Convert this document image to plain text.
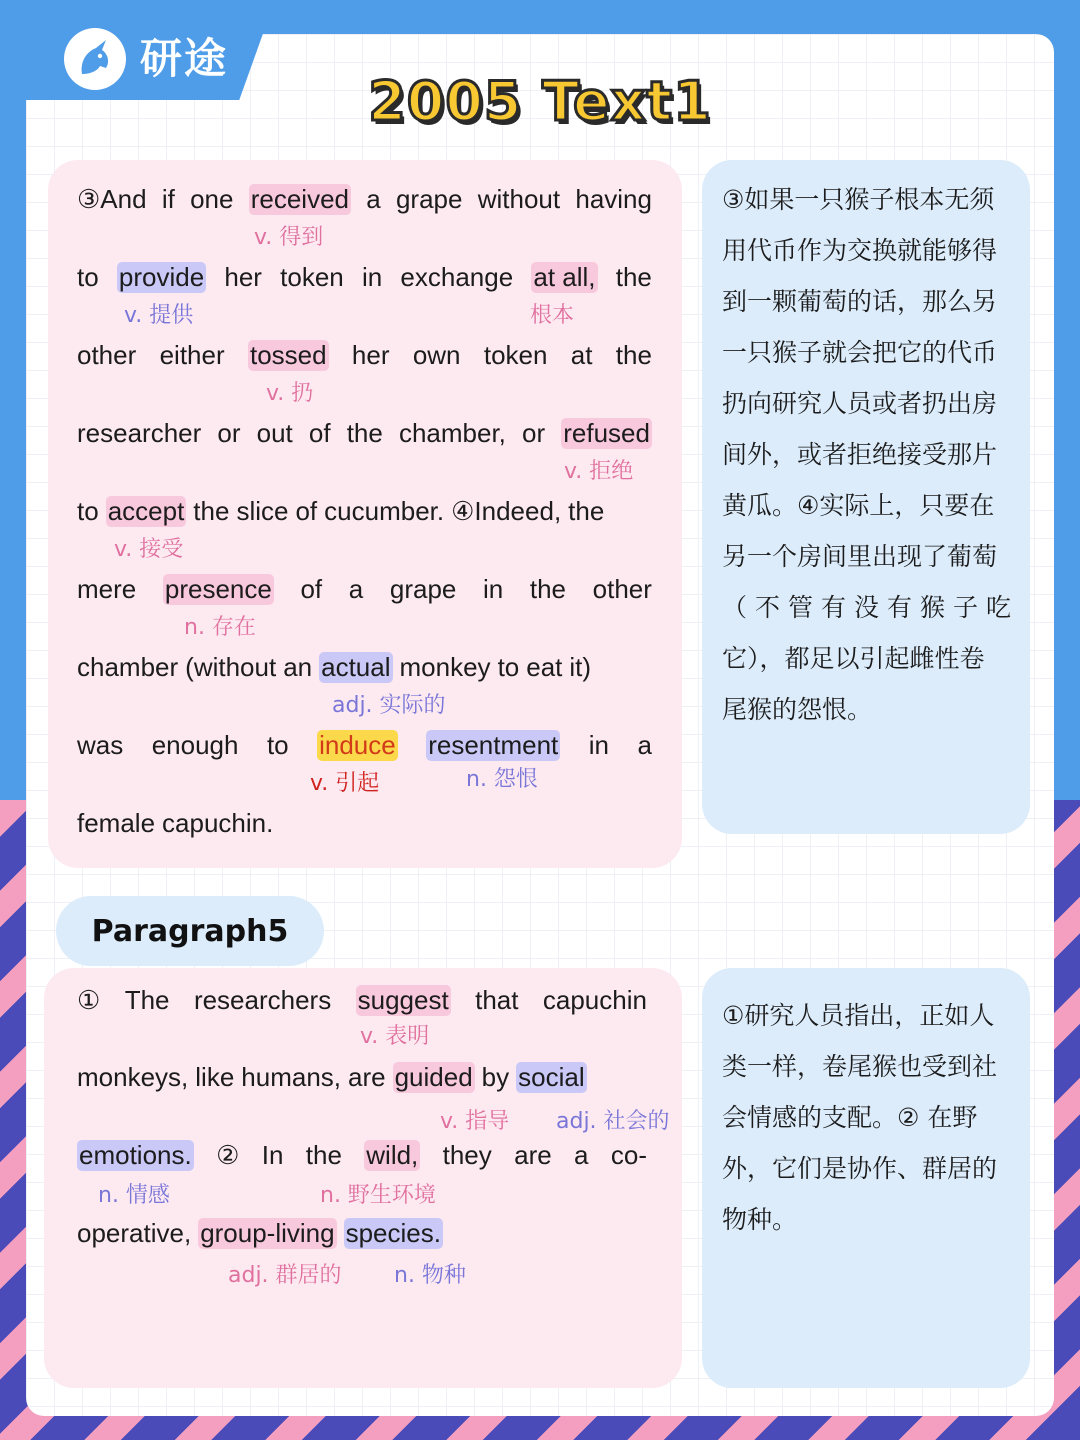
研途
2005 Text1
③And if one received a grape without having
v. 得到
to provide her token in exchange at all, the
v. 提供	根本
other either tossed her own token at the
v. 扔
researcher or out of the chamber, or refused
v. 拒绝
to accept the slice of cucumber. ④Indeed, the
v. 接受
mere presence of a grape in the other
n. 存在
chamber (without an actual monkey to eat it)
adj. 实际的
was enough to induce resentment in a
v. 引起	n. 怨恨
female capuchin.
③如果一只猴子根本无须
用代币作为交换就能够得
到一颗葡萄的话，那么另
一只猴子就会把它的代币
扔向研究人员或者扔出房
间外，或者拒绝接受那片
黄瓜。④实际上，只要在
另一个房间里出现了葡萄
（不管有没有猴子吃
它），都足以引起雌性卷
尾猴的怨恨。
Paragraph5
① The researchers suggest that capuchin
v. 表明
monkeys, like humans, are guided by social
v. 指导 adj. 社会的
emotions. ② In the wild, they are a co-
n. 情感	n. 野生环境
operative, group-living species.
adj. 群居的 n. 物种
①研究人员指出，正如人
类一样，卷尾猴也受到社
会情感的支配。② 在野
外，它们是协作、群居的
物种。
